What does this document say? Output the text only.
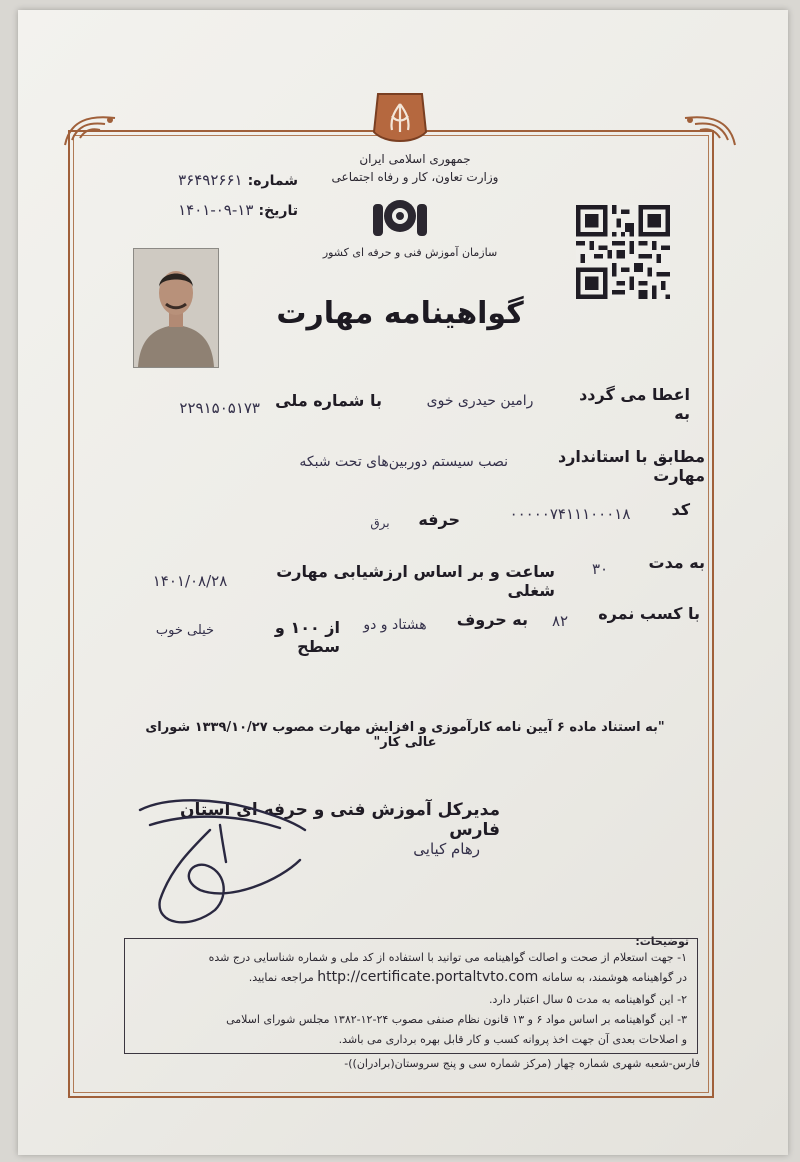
جمهوری اسلامی ایران
وزارت تعاون، کار و رفاه اجتماعی
سازمان آموزش فنی و حرفه ای کشور
شماره: ۳۶۴۹۲۶۶۱
تاریخ: ۱۴۰۱-۰۹-۱۳
گواهینامه مهارت
اعطا می گردد به
رامین حیدری خوی
با شماره ملی
۲۲۹۱۵۰۵۱۷۳
مطابق با استاندارد مهارت
نصب سیستم دوربین‌های تحت شبکه
کد
۰۰۰۰۰۷۴۱۱۱۰۰۰۱۸
حرفه
برق
به مدت
۳۰
ساعت و بر اساس ارزشیابی مهارت شغلی
۱۴۰۱/۰۸/۲۸
با کسب نمره
۸۲
به حروف
هشتاد و دو
از ۱۰۰ و سطح
خیلی خوب
"به استناد ماده ۶ آیین نامه کارآموزی و افزایش مهارت مصوب ۱۳۳۹/۱۰/۲۷ شورای عالی کار"
مدیرکل آموزش فنی و حرفه ای استان فارس
رهام کیایی
توضیحات:
۱- جهت استعلام از صحت و اصالت گواهینامه می توانید با استفاده از کد ملی و شماره شناسایی درج شده
در گواهینامه هوشمند، به سامانه http://certificate.portaltvto.com مراجعه نمایید.
۲- این گواهینامه به مدت ۵ سال اعتبار دارد.
۳- این گواهینامه بر اساس مواد ۶ و ۱۳ قانون نظام صنفی مصوب ۲۴-۱۲-۱۳۸۲ مجلس شورای اسلامی
و اصلاحات بعدی آن جهت اخذ پروانه کسب و کار قابل بهره برداری می باشد.
فارس-شعبه شهری شماره چهار (مرکز شماره سی و پنج سروستان(برادران))-
